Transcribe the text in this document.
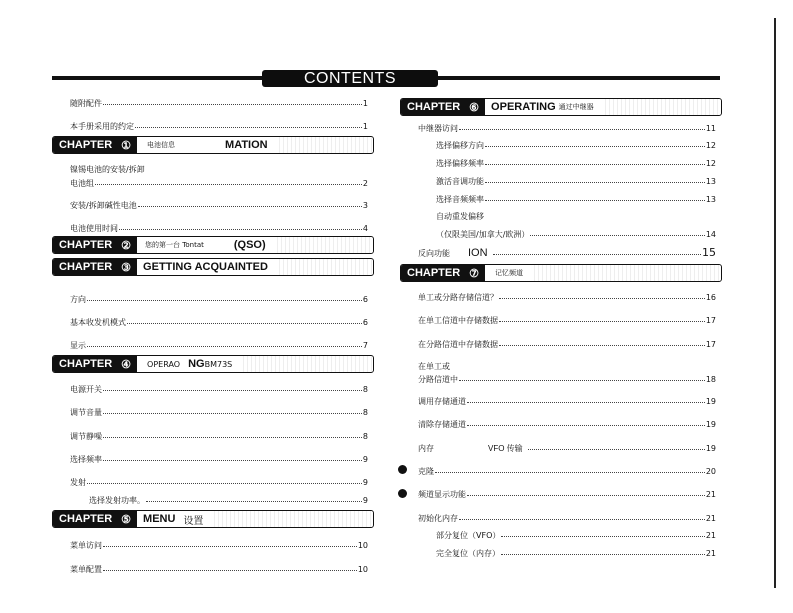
CONTENTS
随附配件	1
本手册采用的约定	1
CHAPTER ① 电池信息	MATION
镍锡电池的安装/拆卸
电池组	2
安装/拆卸碱性电池	3
电池使用时间	4
CHAPTER ② 您的第一台 Tontat	(QSO)
CHAPTER ③ GETTING ACQUAINTED
方向	6
基本收发机模式	6
显示	7
CHAPTER ④ OPERAO NG BM73S
电源开关	8
调节音量	8
调节静噪	8
选择频率	9
发射	9
选择发射功率。	9
CHAPTER ⑤ MENU 设置
菜单访问	10
菜单配置	10
CHAPTER ⑥ OPERATING 通过中继器
中继器访问	11
选择偏移方向	12
选择偏移频率	12
激活音调功能	13
选择音频频率	13
自动重发偏移
（仅限美国/加拿大/欧洲）	14
反向功能 ION	15
CHAPTER ⑦ 记忆频道
单工或分路存储信道？	16
在单工信道中存储数据	17
在分路信道中存储数据	17
在单工或
分路信道中	18
调用存储通道	19
清除存储通道	19
内存	VFO 传输	19
克隆	20
频道显示功能	21
初始化内存	21
部分复位（VFO）	21
完全复位（内存）	21
